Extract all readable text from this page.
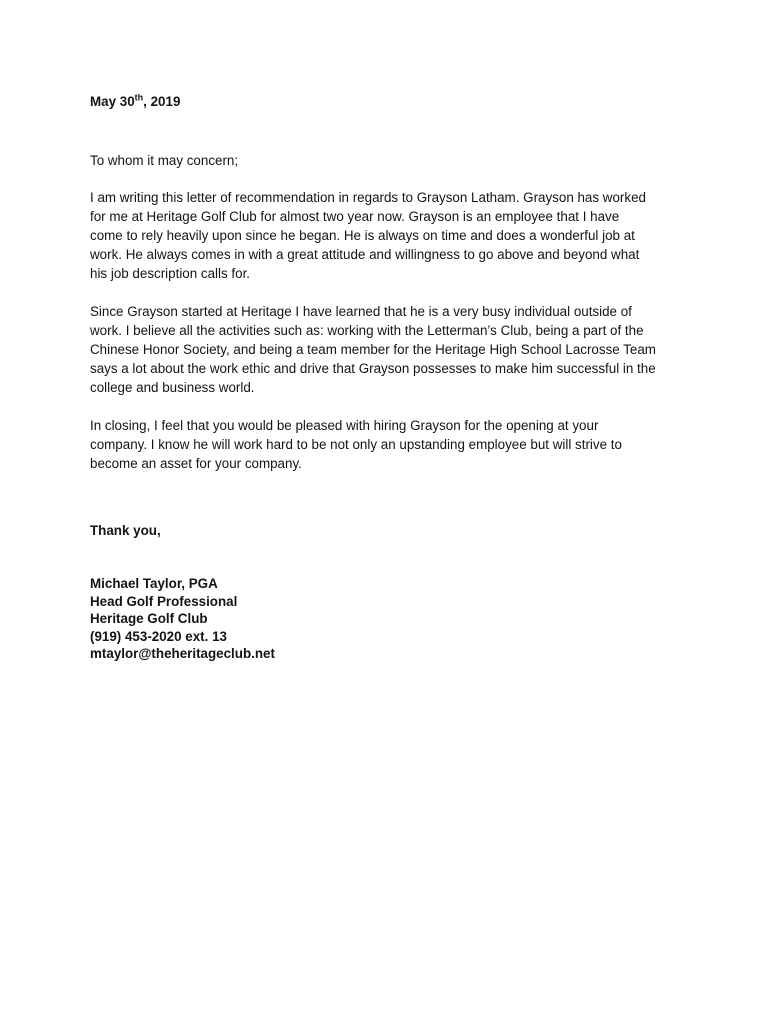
May 30th, 2019
To whom it may concern;
I am writing this letter of recommendation in regards to Grayson Latham. Grayson has worked
for me at Heritage Golf Club for almost two year now. Grayson is an employee that I have
come to rely heavily upon since he began. He is always on time and does a wonderful job at
work. He always comes in with a great attitude and willingness to go above and beyond what
his job description calls for.
Since Grayson started at Heritage I have learned that he is a very busy individual outside of
work. I believe all the activities such as: working with the Letterman’s Club, being a part of the
Chinese Honor Society, and being a team member for the Heritage High School Lacrosse Team
says a lot about the work ethic and drive that Grayson possesses to make him successful in the
college and business world.
In closing, I feel that you would be pleased with hiring Grayson for the opening at your
company. I know he will work hard to be not only an upstanding employee but will strive to
become an asset for your company.
Thank you,
Michael Taylor, PGA
Head Golf Professional
Heritage Golf Club
(919) 453-2020 ext. 13
mtaylor@theheritageclub.net
